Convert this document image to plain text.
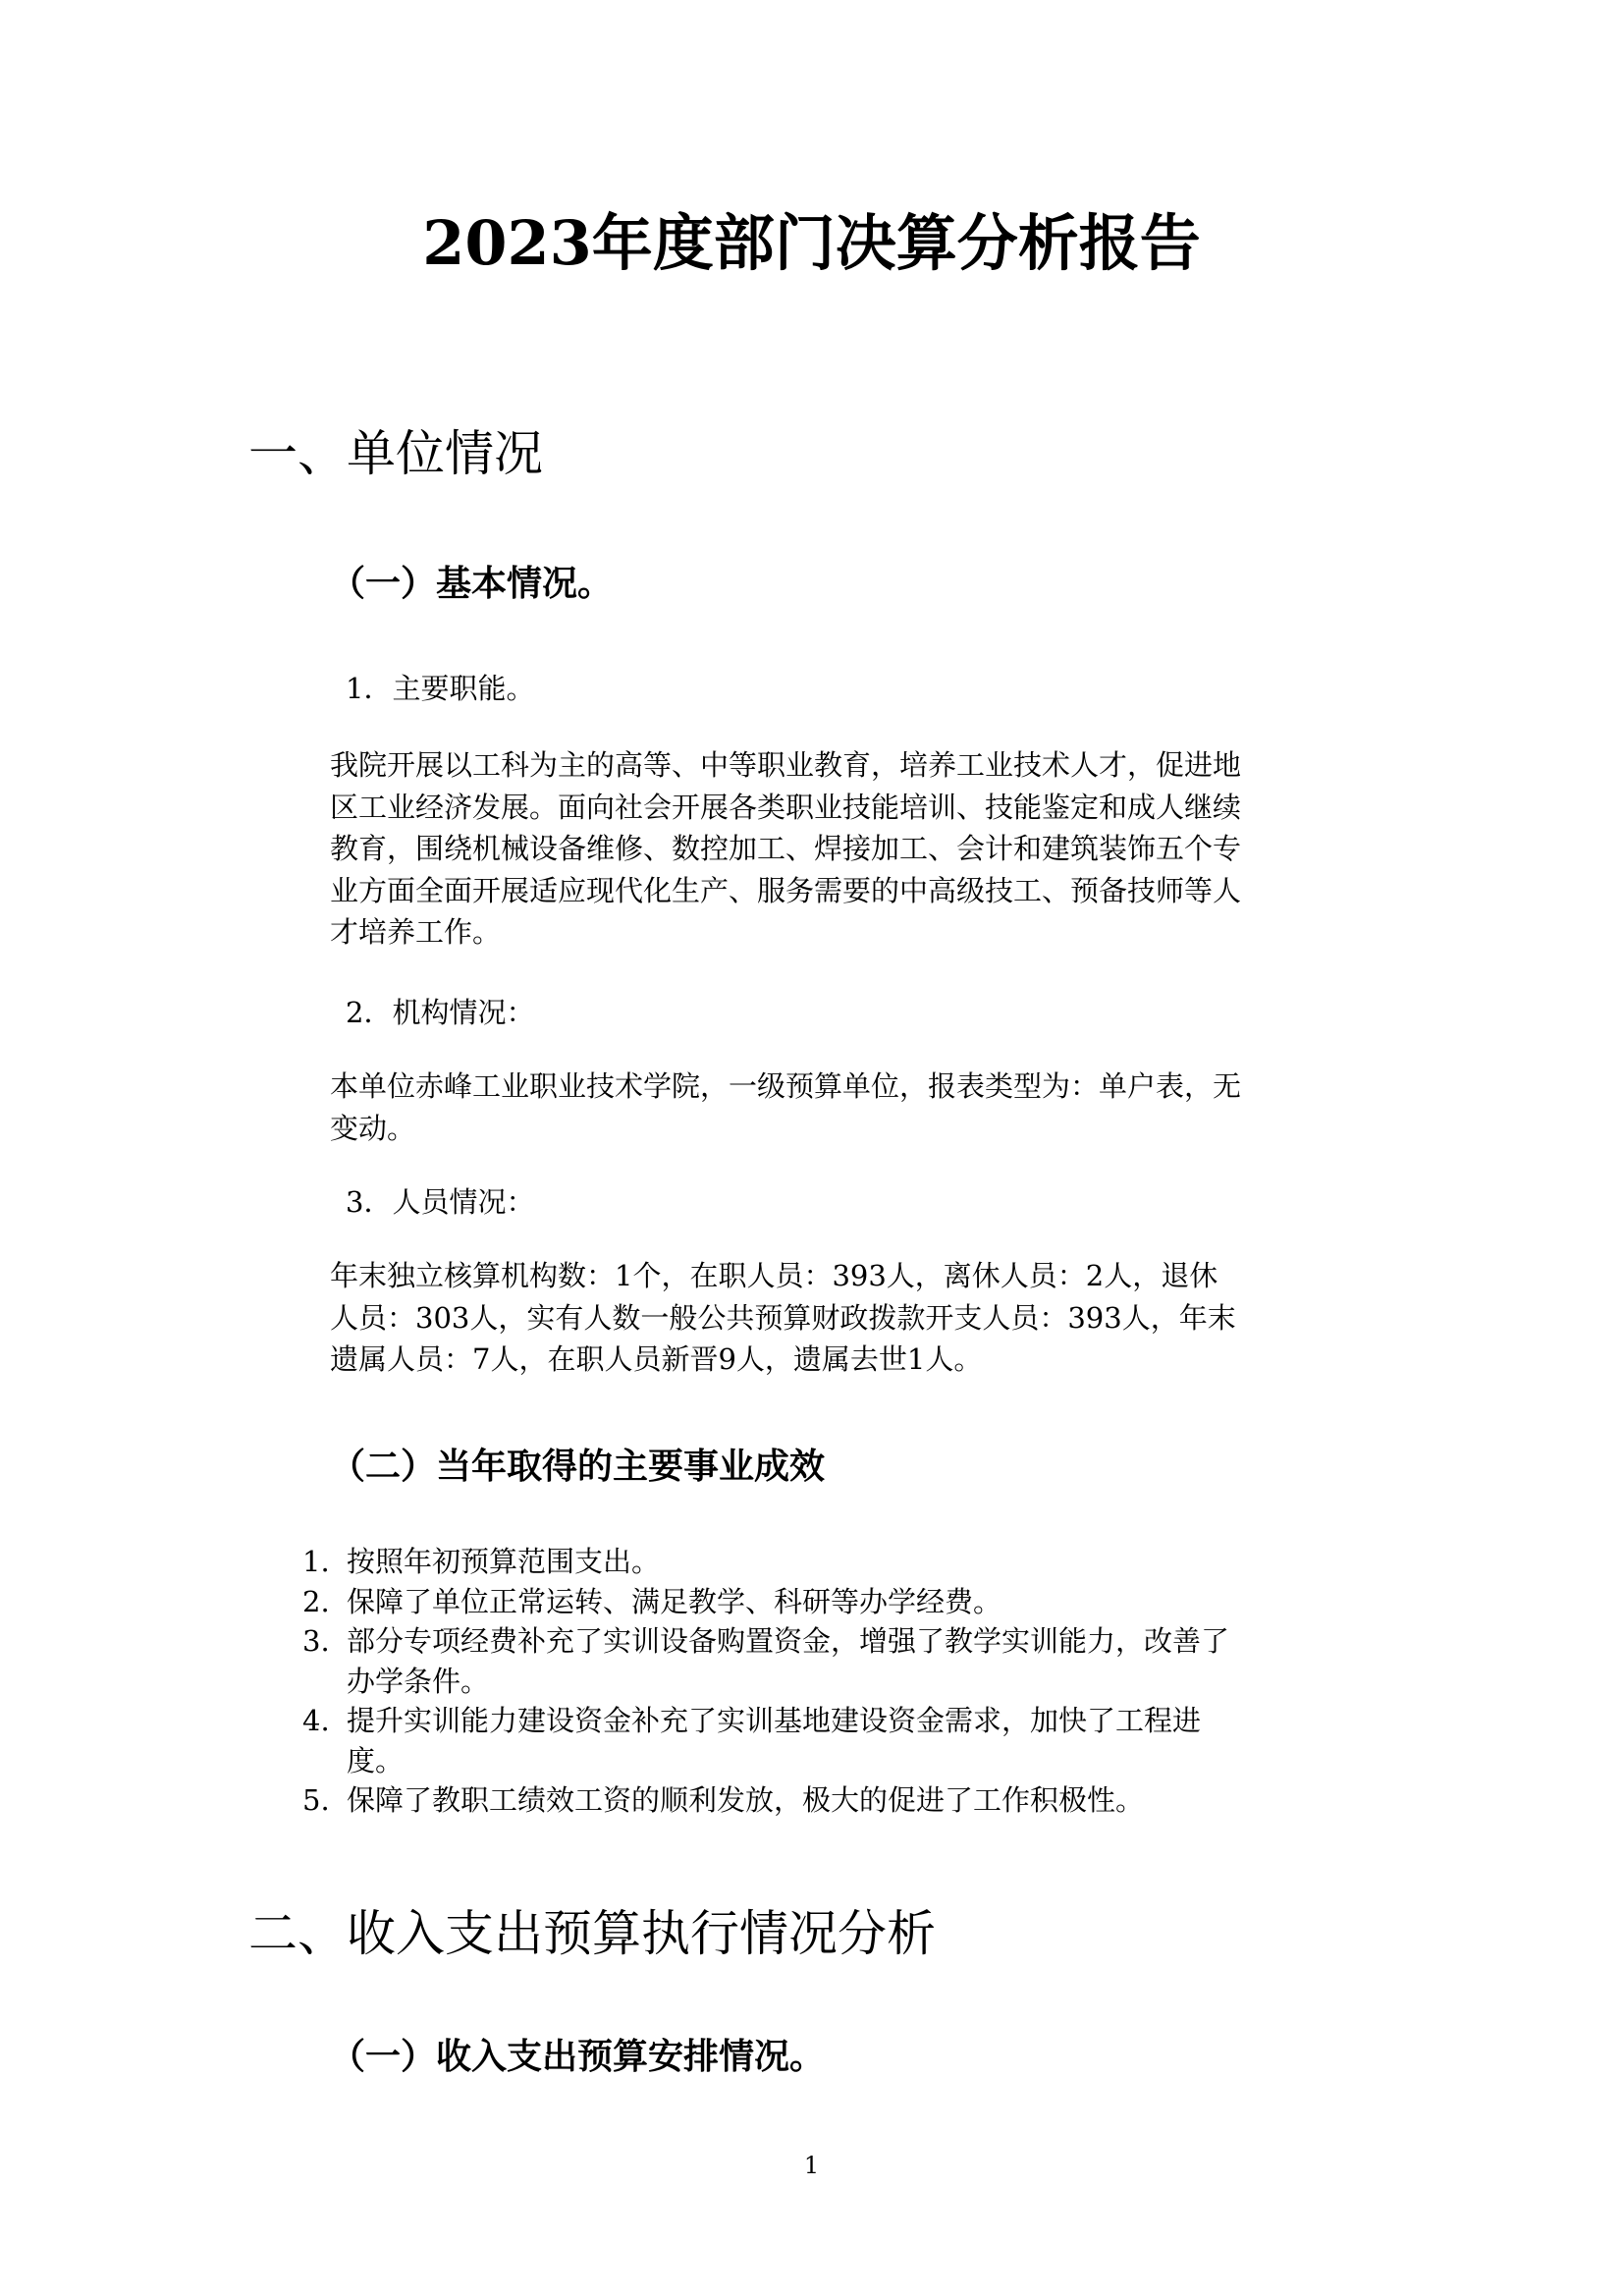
2023年度部门决算分析报告
一、单位情况
（一）基本情况。
1．主要职能。
我院开展以工科为主的高等、中等职业教育，培养工业技术人才，促进地
区工业经济发展。面向社会开展各类职业技能培训、技能鉴定和成人继续
教育，围绕机械设备维修、数控加工、焊接加工、会计和建筑装饰五个专
业方面全面开展适应现代化生产、服务需要的中高级技工、预备技师等人
才培养工作。
2．机构情况：
本单位赤峰工业职业技术学院，一级预算单位，报表类型为：单户表，无
变动。
3．人员情况：
年末独立核算机构数：1个，在职人员：393人，离休人员：2人，退休
人员：303人，实有人数一般公共预算财政拨款开支人员：393人，年末
遗属人员：7人，在职人员新晋9人，遗属去世1人。
（二）当年取得的主要事业成效
1. 按照年初预算范围支出。
2. 保障了单位正常运转、满足教学、科研等办学经费。
3. 部分专项经费补充了实训设备购置资金，增强了教学实训能力，改善了
办学条件。
4. 提升实训能力建设资金补充了实训基地建设资金需求，加快了工程进
度。
5. 保障了教职工绩效工资的顺利发放，极大的促进了工作积极性。
二、收入支出预算执行情况分析
（一）收入支出预算安排情况。
1
